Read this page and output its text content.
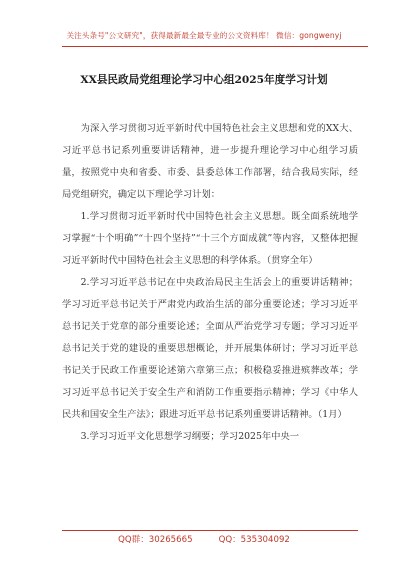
关注头条号"公文研究"，获得最新最全最专业的公文资料库！ 微信：gongwenyj
XX县民政局党组理论学习中心组2025年度学习计划

为深入学习贯彻习近平新时代中国特色社会主义思想和党的XX大、习近平总书记系列重要讲话精神，进一步提升理论学习中心组学习质量，按照党中央和省委、市委、县委总体工作部署，结合我局实际，经局党组研究，确定以下理论学习计划：

1.学习贯彻习近平新时代中国特色社会主义思想。既全面系统地学习掌握“十个明确”“十四个坚持”“十三个方面成就”等内容，又整体把握习近平新时代中国特色社会主义思想的科学体系。（贯穿全年）

2.学习习近平总书记在中央政治局民主生活会上的重要讲话精神；学习习近平总书记关于严肃党内政治生活的部分重要论述；学习习近平总书记关于党章的部分重要论述；全面从严治党学习专题；学习习近平总书记关于党的建设的重要思想概论，并开展集体研讨；学习习近平总书记关于民政工作重要论述第六章第三点；积极稳妥推进殡葬改革；学习习近平总书记关于安全生产和消防工作重要指示精神；学习《中华人民共和国安全生产法》；跟进习近平总书记系列重要讲话精神。（1月）

3.学习习近平文化思想学习纲要；学习2025年中央一

QQ群：30265665	QQ：535304092
